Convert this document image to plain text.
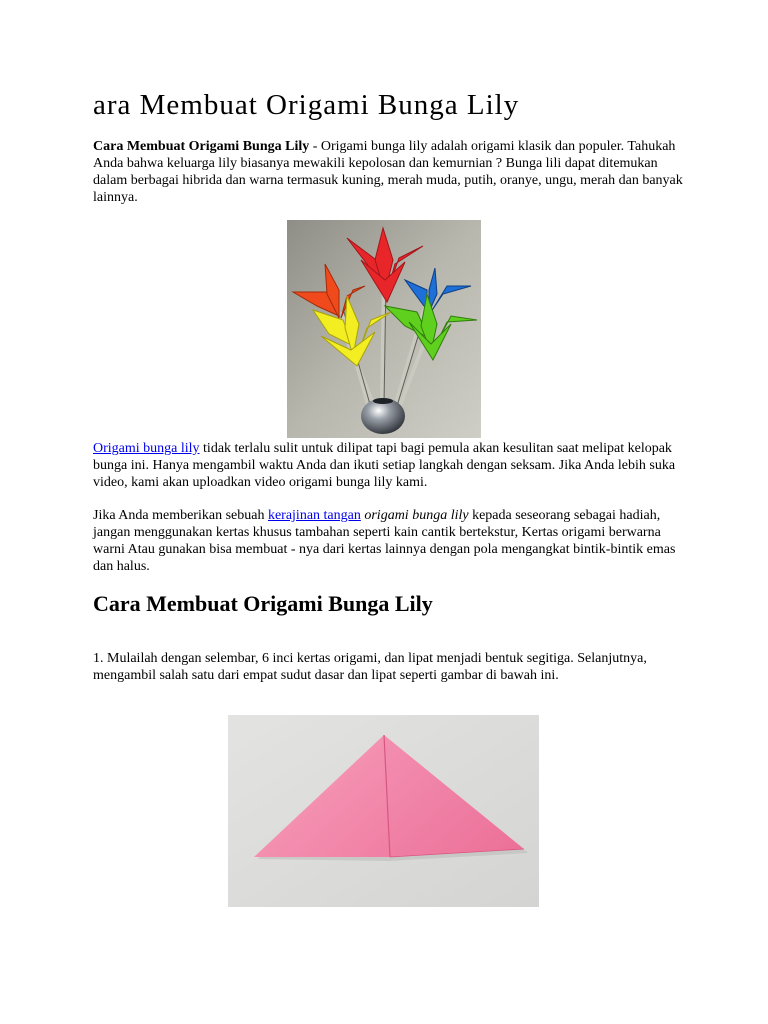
ara Membuat Origami Bunga Lily

Cara Membuat Origami Bunga Lily - Origami bunga lily adalah origami klasik dan populer. Tahukah Anda bahwa keluarga lily biasanya mewakili kepolosan dan kemurnian ? Bunga lili dapat ditemukan dalam berbagai hibrida dan warna termasuk kuning, merah muda, putih, oranye, ungu, merah dan banyak lainnya.

Origami bunga lily tidak terlalu sulit untuk dilipat tapi bagi pemula akan kesulitan saat melipat kelopak bunga ini. Hanya mengambil waktu Anda dan ikuti setiap langkah dengan seksam. Jika Anda lebih suka video, kami akan uploadkan video origami bunga lily kami.

Jika Anda memberikan sebuah kerajinan tangan origami bunga lily kepada seseorang sebagai hadiah, jangan menggunakan kertas khusus tambahan seperti kain cantik bertekstur, Kertas origami berwarna warni Atau gunakan bisa membuat - nya dari kertas lainnya dengan pola mengangkat bintik-bintik emas dan halus.

Cara Membuat Origami Bunga Lily

1. Mulailah dengan selembar, 6 inci kertas origami, dan lipat menjadi bentuk segitiga. Selanjutnya, mengambil salah satu dari empat sudut dasar dan lipat seperti gambar di bawah ini.
